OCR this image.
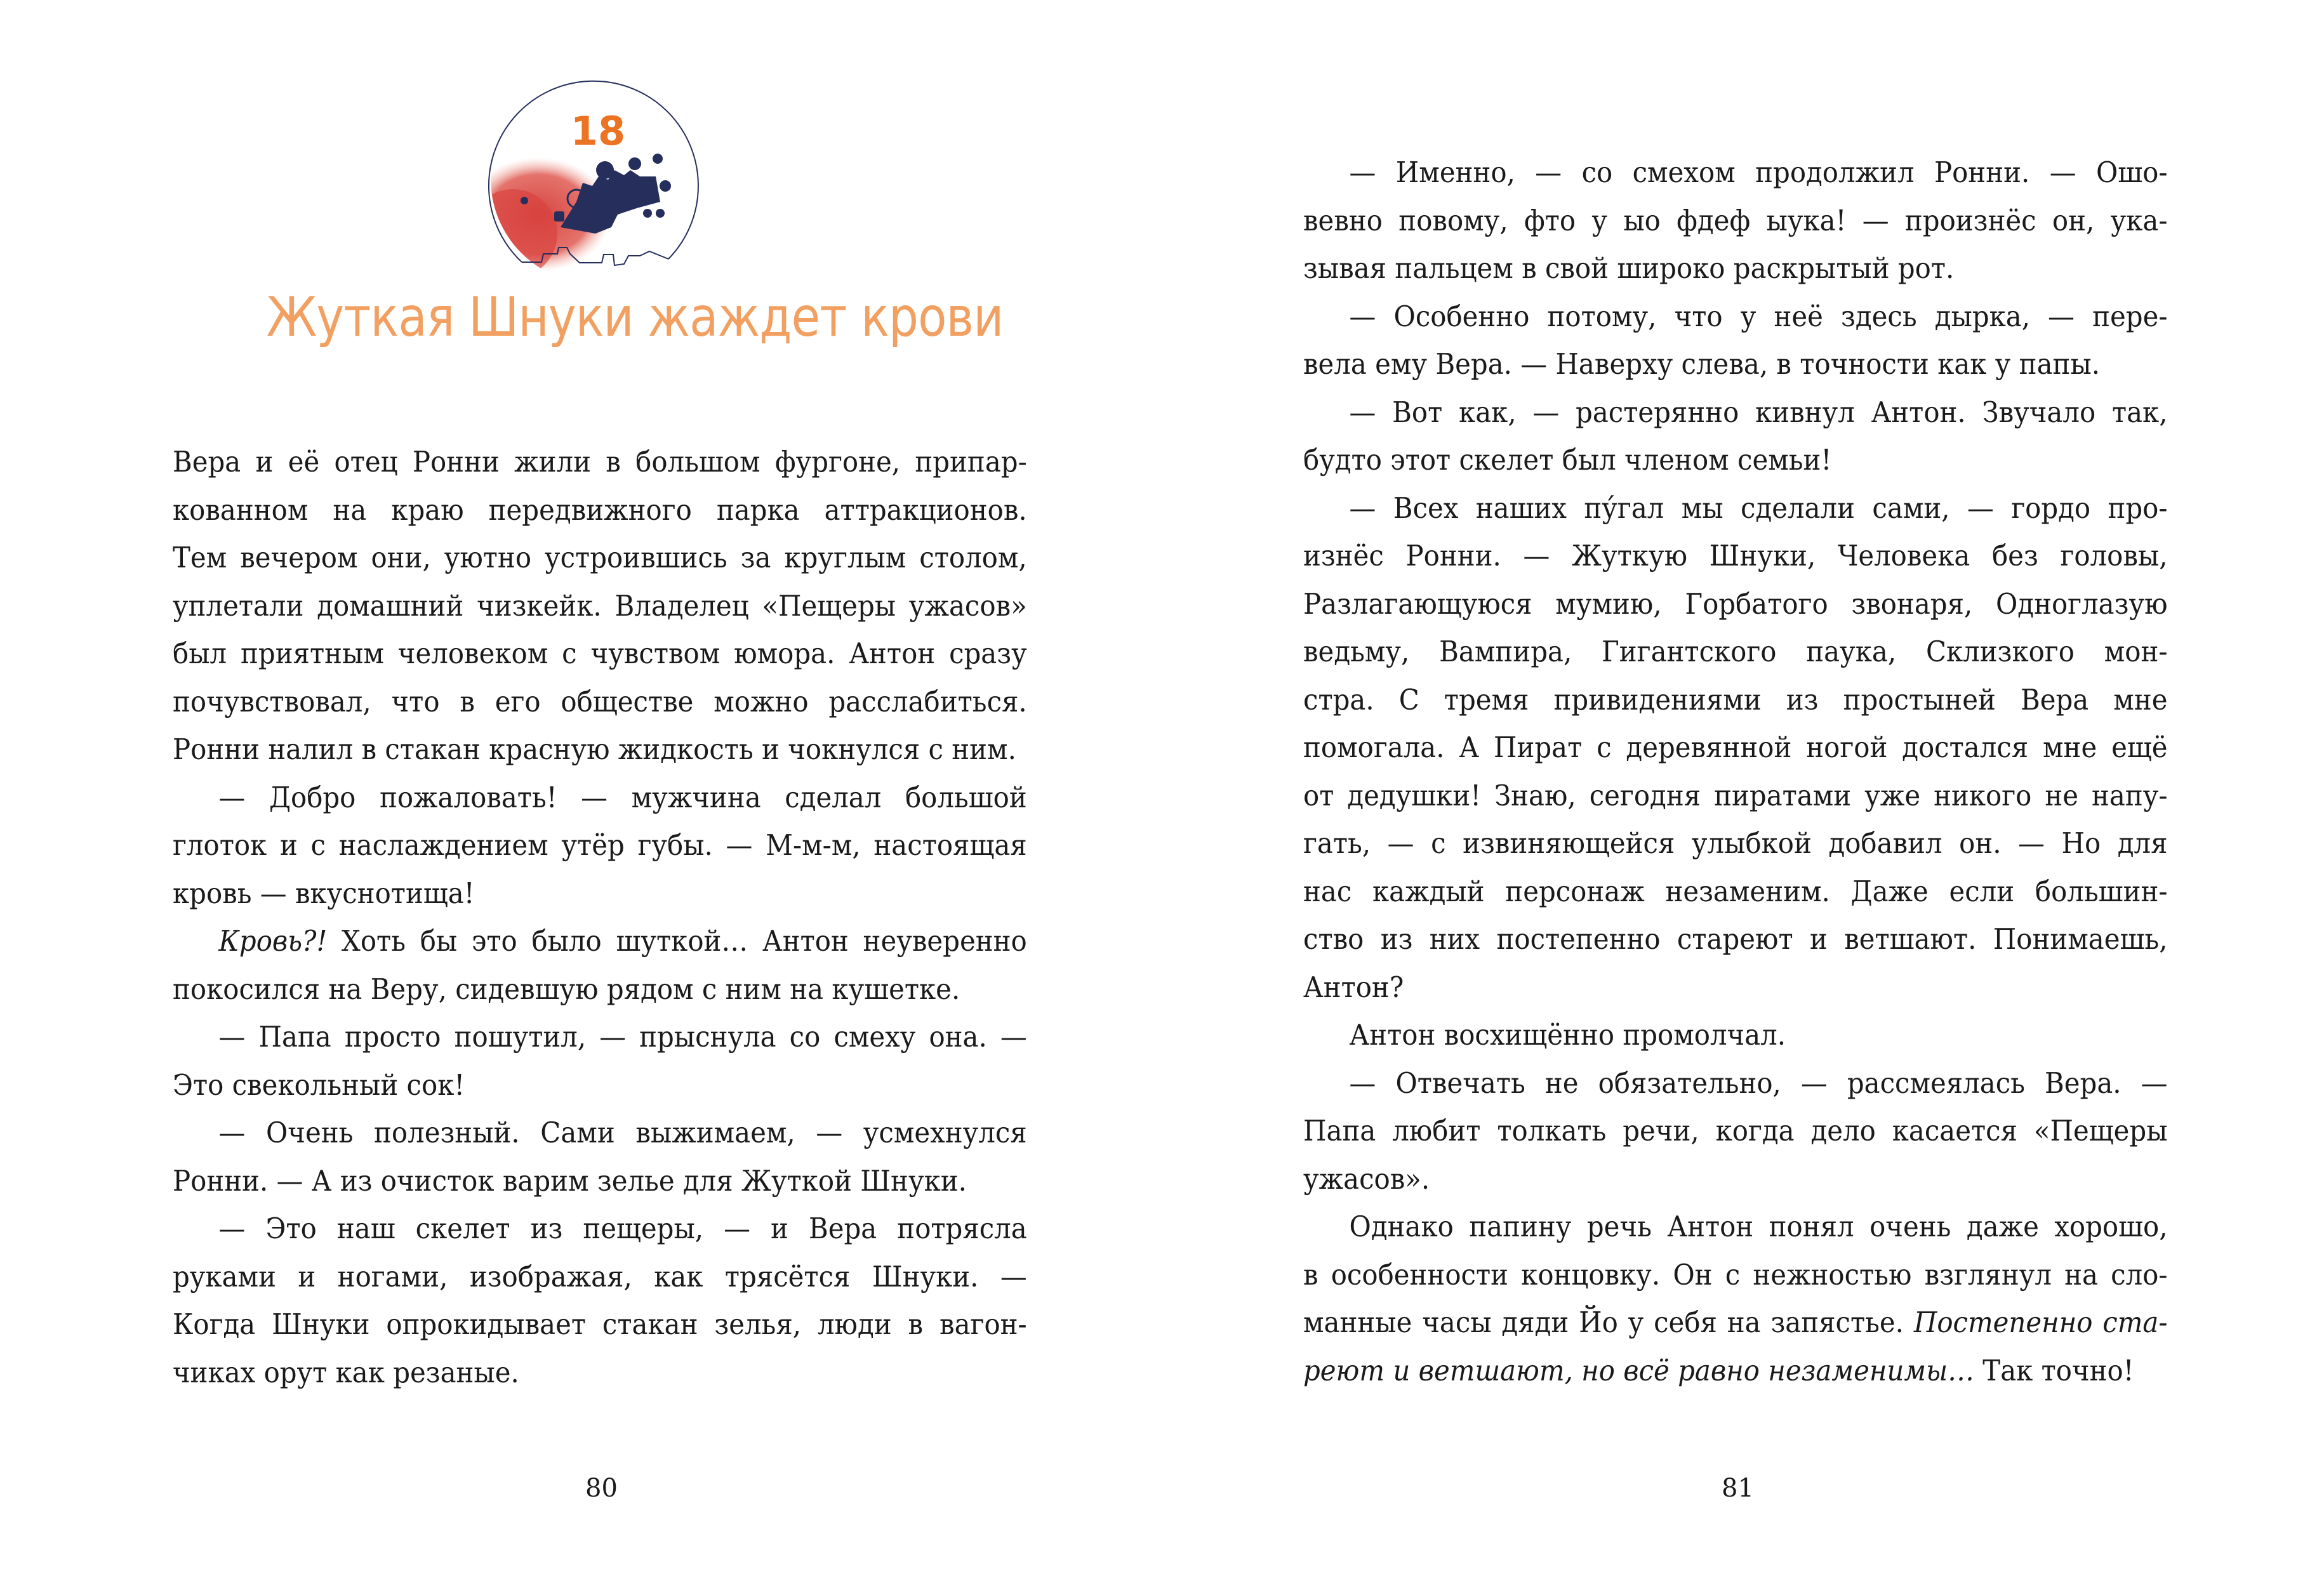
18
Жуткая Шнуки жаждет крови
Вера и её отец Ронни жили в большом фургоне, припар-
кованном на краю передвижного парка аттракционов.
Тем вечером они, уютно устроившись за круглым столом,
уплетали домашний чизкейк. Владелец «Пещеры ужасов»
был приятным человеком с чувством юмора. Антон сразу
почувствовал, что в его обществе можно расслабиться.
Ронни налил в стакан красную жидкость и чокнулся с ним.
— Добро пожаловать! — мужчина сделал большой
глоток и с наслаждением утёр губы. — М-м-м, настоящая
кровь — вкуснотища!
Кровь?! Хоть бы это было шуткой… Антон неуверенно
покосился на Веру, сидевшую рядом с ним на кушетке.
— Папа просто пошутил, — прыснула со смеху она. —
Это свекольный сок!
— Очень полезный. Сами выжимаем, — усмехнулся
Ронни. — А из очисток варим зелье для Жуткой Шнуки.
— Это наш скелет из пещеры, — и Вера потрясла
руками и ногами, изображая, как трясётся Шнуки. —
Когда Шнуки опрокидывает стакан зелья, люди в вагон-
чиках орут как резаные.
80
— Именно, — со смехом продолжил Ронни. — Ошо-
вевно повому, фто у ыо фдеф ыука! — произнёс он, ука-
зывая пальцем в свой широко раскрытый рот.
— Особенно потому, что у неё здесь дырка, — пере-
вела ему Вера. — Наверху слева, в точности как у папы.
— Вот как, — растерянно кивнул Антон. Звучало так,
будто этот скелет был членом семьи!
— Всех наших пу́гал мы сделали сами, — гордо про-
изнёс Ронни. — Жуткую Шнуки, Человека без головы,
Разлагающуюся мумию, Горбатого звонаря, Одноглазую
ведьму, Вампира, Гигантского паука, Склизкого мон-
стра. С тремя привидениями из простыней Вера мне
помогала. А Пират с деревянной ногой достался мне ещё
от дедушки! Знаю, сегодня пиратами уже никого не напу-
гать, — с извиняющейся улыбкой добавил он. — Но для
нас каждый персонаж незаменим. Даже если большин-
ство из них постепенно стареют и ветшают. Понимаешь,
Антон?
Антон восхищённо промолчал.
— Отвечать не обязательно, — рассмеялась Вера. —
Папа любит толкать речи, когда дело касается «Пещеры
ужасов».
Однако папину речь Антон понял очень даже хорошо,
в особенности концовку. Он с нежностью взглянул на сло-
манные часы дяди Йо у себя на запястье. Постепенно ста-
реют и ветшают, но всё равно незаменимы… Так точно!
81
